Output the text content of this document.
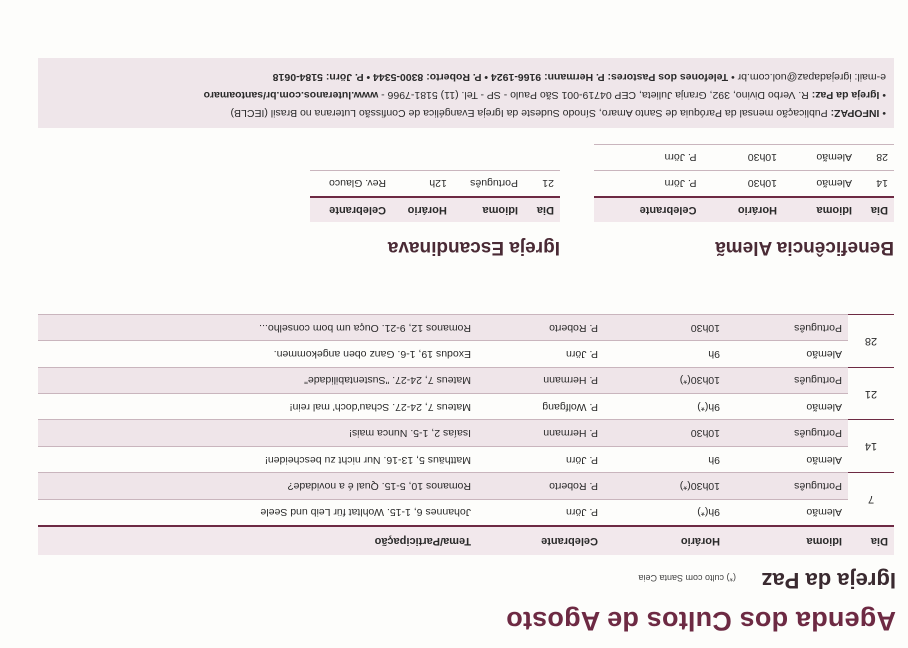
Agenda dos Cultos de Agosto
Igreja da Paz
(*) culto com Santa Ceia
Dia	Idioma	Horário	Celebrante	Tema/Participação
7	Alemão	9h(*)	P. Jörn	Johannes 6, 1-15. Wohltat für Leib und Seele
	Português	10h30(*)	P. Roberto	Romanos 10, 5-15. Qual é a novidade?
14	Alemão	9h	P. Jörn	Matthäus 5, 13-16. Nur nicht zu bescheiden!
	Português	10h30	P. Hermann	Isaías 2, 1-5. Nunca mais!
21	Alemão	9h(*)	P. Wolfgang	Mateus 7, 24-27. Schau'doch' mal rein!
	Português	10h30(*)	P. Hermann	Mateus 7, 24-27. "Sustentabilidade"
28	Alemão	9h	P. Jörn	Exodus 19, 1-6. Ganz oben angekommen.
	Português	10h30	P. Roberto	Romanos 12, 9-21. Ouça um bom conselho...
Beneficência Alemã
Igreja Escandinava
Dia	Idioma	Horário	Celebrante
14	Alemão	10h30	P. Jörn
28	Alemão	10h30	P. Jörn
Dia	Idioma	Horário	Celebrante
21	Português	12h	Rev. Glauco
• INFOPAZ: Publicação mensal da Paróquia de Santo Amaro, Sínodo Sudeste da Igreja Evangélica de Confissão Luterana no Brasil (IECLB)
• Igreja da Paz: R. Verbo Divino, 392, Granja Julieta, CEP 04719-001 São Paulo - SP - Tel. (11) 5181-7966 - www.luteranos.com.br/santoamaro
e-mail: igrejadapaz@uol.com.br • Telefones dos Pastores: P. Hermann: 9166-1924 • P. Roberto: 8300-5344 • P. Jörn: 5184-0618
